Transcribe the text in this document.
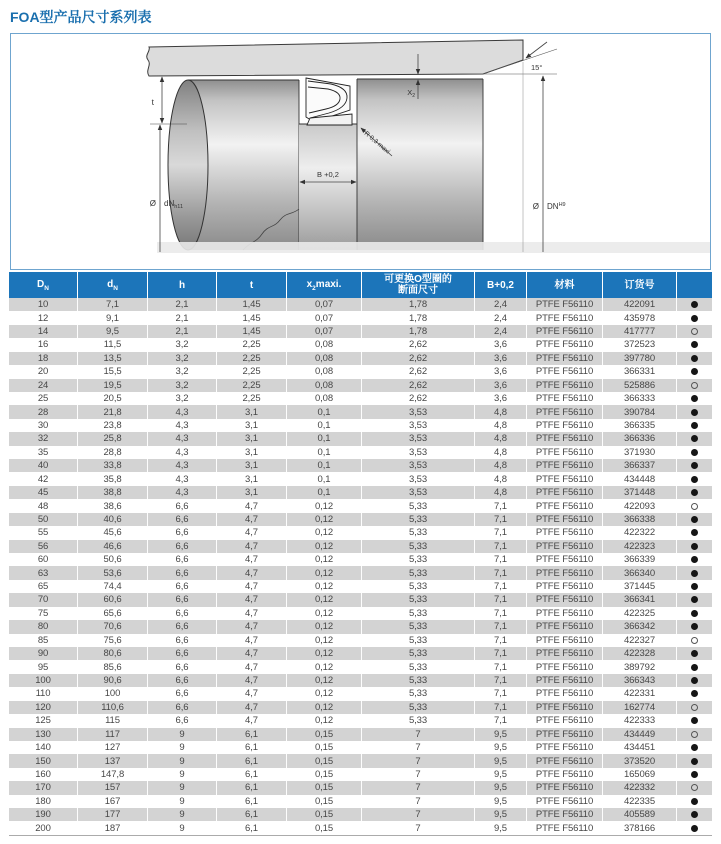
FOA型产品尺寸系列表
t
Ø $dN_{h11}$
$X_2$
B +0,2
R 0,3 maxi
15°
Ø $DN^{H9}$
D N	d N	h	t	x 2 maxi.	可更换O型圈的
断面尺寸	B+0,2	材料	订货号
10	7,1	2,1	1,45	0,07	1,78	2,4	PTFE F56110	422091
12	9,1	2,1	1,45	0,07	1,78	2,4	PTFE F56110	435978
14	9,5	2,1	1,45	0,07	1,78	2,4	PTFE F56110	417777
16	11,5	3,2	2,25	0,08	2,62	3,6	PTFE F56110	372523
18	13,5	3,2	2,25	0,08	2,62	3,6	PTFE F56110	397780
20	15,5	3,2	2,25	0,08	2,62	3,6	PTFE F56110	366331
24	19,5	3,2	2,25	0,08	2,62	3,6	PTFE F56110	525886
25	20,5	3,2	2,25	0,08	2,62	3,6	PTFE F56110	366333
28	21,8	4,3	3,1	0,1	3,53	4,8	PTFE F56110	390784
30	23,8	4,3	3,1	0,1	3,53	4,8	PTFE F56110	366335
32	25,8	4,3	3,1	0,1	3,53	4,8	PTFE F56110	366336
35	28,8	4,3	3,1	0,1	3,53	4,8	PTFE F56110	371930
40	33,8	4,3	3,1	0,1	3,53	4,8	PTFE F56110	366337
42	35,8	4,3	3,1	0,1	3,53	4,8	PTFE F56110	434448
45	38,8	4,3	3,1	0,1	3,53	4,8	PTFE F56110	371448
48	38,6	6,6	4,7	0,12	5,33	7,1	PTFE F56110	422093
50	40,6	6,6	4,7	0,12	5,33	7,1	PTFE F56110	366338
55	45,6	6,6	4,7	0,12	5,33	7,1	PTFE F56110	422322
56	46,6	6,6	4,7	0,12	5,33	7,1	PTFE F56110	422323
60	50,6	6,6	4,7	0,12	5,33	7,1	PTFE F56110	366339
63	53,6	6,6	4,7	0,12	5,33	7,1	PTFE F56110	366340
65	74,4	6,6	4,7	0,12	5,33	7,1	PTFE F56110	371445
70	60,6	6,6	4,7	0,12	5,33	7,1	PTFE F56110	366341
75	65,6	6,6	4,7	0,12	5,33	7,1	PTFE F56110	422325
80	70,6	6,6	4,7	0,12	5,33	7,1	PTFE F56110	366342
85	75,6	6,6	4,7	0,12	5,33	7,1	PTFE F56110	422327
90	80,6	6,6	4,7	0,12	5,33	7,1	PTFE F56110	422328
95	85,6	6,6	4,7	0,12	5,33	7,1	PTFE F56110	389792
100	90,6	6,6	4,7	0,12	5,33	7,1	PTFE F56110	366343
110	100	6,6	4,7	0,12	5,33	7,1	PTFE F56110	422331
120	110,6	6,6	4,7	0,12	5,33	7,1	PTFE F56110	162774
125	115	6,6	4,7	0,12	5,33	7,1	PTFE F56110	422333
130	117	9	6,1	0,15	7	9,5	PTFE F56110	434449
140	127	9	6,1	0,15	7	9,5	PTFE F56110	434451
150	137	9	6,1	0,15	7	9,5	PTFE F56110	373520
160	147,8	9	6,1	0,15	7	9,5	PTFE F56110	165069
170	157	9	6,1	0,15	7	9,5	PTFE F56110	422332
180	167	9	6,1	0,15	7	9,5	PTFE F56110	422335
190	177	9	6,1	0,15	7	9,5	PTFE F56110	405589
200	187	9	6,1	0,15	7	9,5	PTFE F56110	378166
